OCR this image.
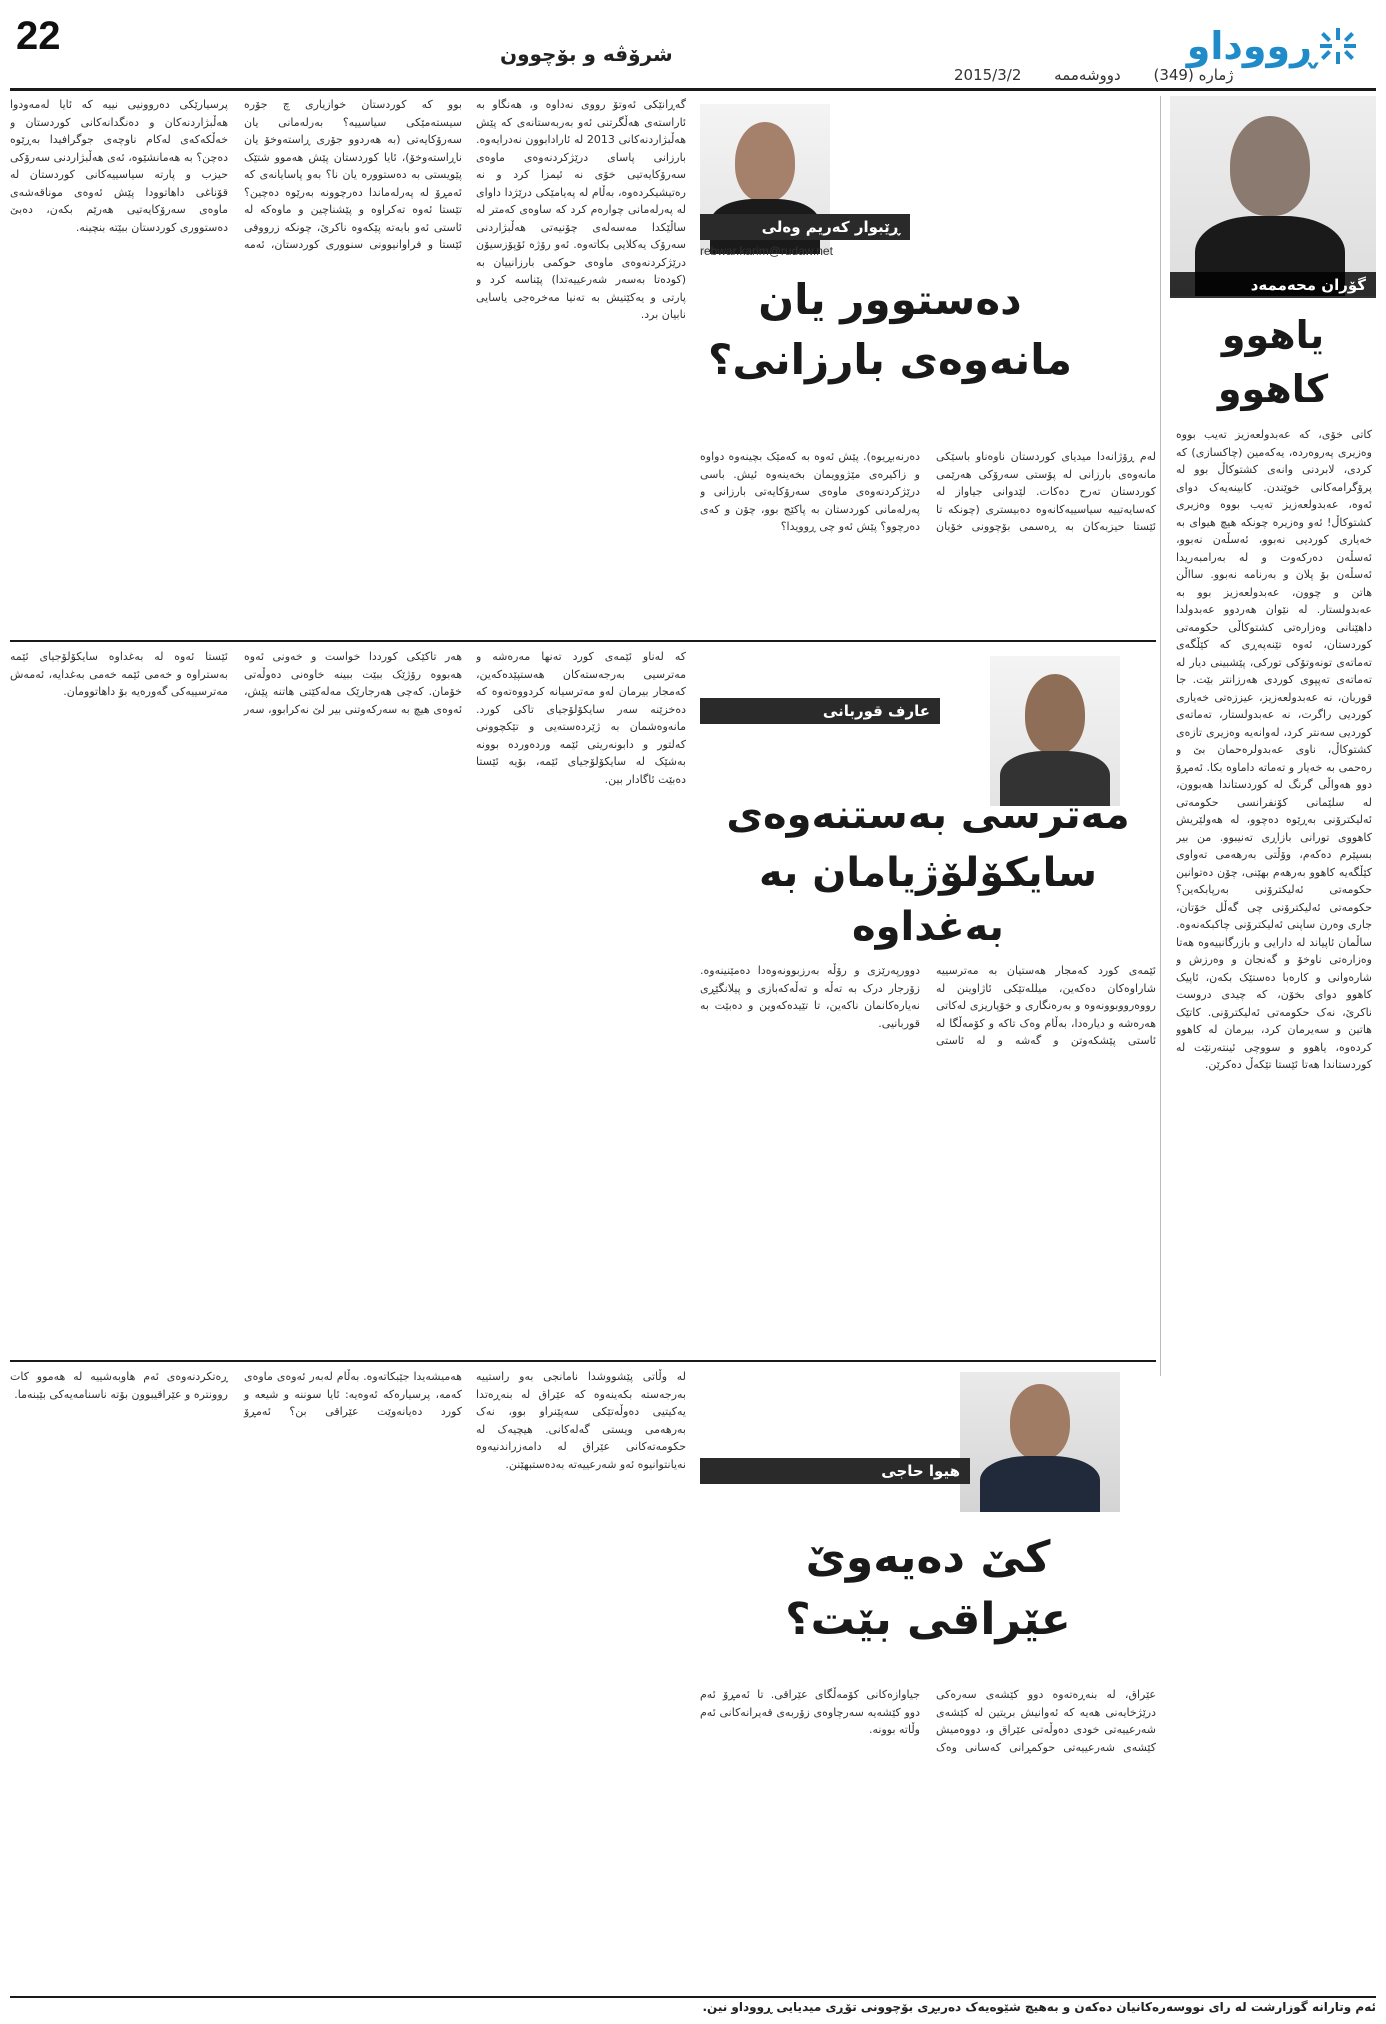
22	شرۆڤە و بۆچوون	ڕووداو
ژمارە (349) دووشەممە 2015/3/2
گۆران محەممەد
یاهوو
کاهوو
کاتی خۆی، کە عەبدولعەزیز تەیب بووە وەزیری پەروەردە، یەکەمین (چاکسازی) کە کردی، لابردنی وانەی کشتوکاڵ بوو لە پرۆگرامەکانی خوێندن. کابینەیەک دوای ئەوە، عەبدولعەزیز تەیب بووە وەزیری کشتوکاڵ! ئەو وەزیرە چونکە هیچ هیوای بە خەیاری کوردیی نەبوو، ئەسڵەن نەبوو، ئەسڵەن دەرکەوت و لە بەرامبەریدا ئەسڵەن بۆ پلان و بەرنامە نەبوو. سااڵن هاتن و چوون، عەبدولعەزیز بوو بە عەبدولستار. لە نێوان هەردوو عەبدولدا داهێنانی وەزارەتی کشتوکاڵی حکومەتی کوردستان، ئەوە تێنەپەڕی کە کێڵگەی تەماتەی تونەوتۆکی تورکی، پێشبینی دیار لە تەماتەی تەپپوی کوردی هەرزانتر بێت. جا قوربان، نە عەبدولعەزیز، عیززەتی خەیاری کوردیی راگرت، نە عەبدولستار، تەماتەی کوردیی سەنتر کرد، لەوانەیە وەزیری تازەی کشتوکاڵ، ناوی عەبدولرەحمان بێ و رەحمی بە خەیار و تەماتە داماوە بکا. ئەمڕۆ دوو هەواڵی گرنگ لە کوردستاندا هەبوون، لە سلێمانی کۆنفرانسی حکومەتی ئەلیکترۆنی بەڕێوە دەچوو، لە هەولێریش کاهووی تورانی بازاڕی تەنیبوو. من بیر بسپێرم دەکەم، وۆڵتی بەرهەمی تەواوی کێڵگەیە کاهوو بەرهەم بهێنی، چۆن دەتوانین حکومەتی ئەلیکترۆنی بەرپابکەین؟ حکومەتی ئەلیکترۆنی چی گەڵل خۆتان، جاری وەرن ساپنی ئەلیکترۆنی چاکبکەنەوە. ساڵمان ئاپیاند لە دارایی و بازرگانییەوە هەتا وەزارەتی ناوخۆ و گەنجان و وەرزش و شارەوانی و کارەبا دەستێک بکەن، ئاپیک کاهوو دوای بخۆن، کە چیدی دروست ناکرێ، نەک حکومەتی ئەلیکترۆنی. کاتێک هاتین و سەیرمان کرد، بیرمان لە کاهوو کردەوە، یاهوو و سووچی ئینتەرنێت لە کوردستاندا هەتا ئێستا تێکەڵ دەکرێن.
ڕێبوار کەریم وەلی
rebwar.karim@rudaw.net
دەستوور یان
مانەوەی بارزانی؟
لەم ڕۆژانەدا میدیای کوردستان ناوەناو باسێکی مانەوەی بارزانی لە پۆستی سەرۆکی هەرێمی کوردستان تەرح دەکات. لێدوانی جیاواز لە کەسایەتییە سیاسییەکانەوە دەبیستری (چونکە تا ئێستا حیزبەکان بە ڕەسمی بۆچوونی خۆیان دەرنەبڕیوە). پێش ئەوە بە کەمێک بچینەوە دواوە و زاکیرەی مێژوویمان بخەینەوە ئیش. باسی درێژکردنەوەی ماوەی سەرۆکایەتی بارزانی و پەرلەمانی کوردستان بە پاکێج بوو، چۆن و کەی دەرچوو؟ پێش ئەو چی ڕوویدا؟
گەڕانێکی ئەوتۆ رووی نەداوە و، هەنگاو بە ئاراستەی هەڵگرتنی ئەو بەربەستانەی کە پێش هەڵبژاردنەکانی 2013 لە ئارادابوون نەدرایەوە. بارزانی پاسای درێژکردنەوەی ماوەی سەرۆکایەتیی خۆی نە ئیمزا کرد و نە رەتیشیکردەوە، بەڵام لە پەیامێکی درێژدا داوای لە پەرلەمانی چوارەم کرد کە ساوەی کەمتر لە ساڵێکدا مەسەلەی چۆنیەتی هەڵبژاردنی سەرۆک یەکلایی بکاتەوە. ئەو رۆژە ئۆپۆزسیۆن درێژکردنەوەی ماوەی حوکمی بارزانییان بە (کودەتا بەسەر شەرعییەتدا) پێناسە کرد و پارتی و یەکێتیش بە تەنیا مەخرەجی یاسایی نابیان برد.
بوو کە کوردستان خوازیاری چ جۆرە سیستەمێکی سیاسییە؟ بەرلەمانی یان سەرۆکایەتی (بە هەردوو جۆری ڕاستەوخۆ یان ناڕاستەوخۆ)، ئایا کوردستان پێش هەموو شتێک پێویستی بە دەستوورە یان نا؟ بەو پاسایانەی کە ئەمڕۆ لە پەرلەماندا دەرچوونە بەرێوە دەچین؟ تێستا ئەوە تەکراوە و پێشناچین و ماوەکە لە ئاستی ئەو بابەتە پێکەوە ناکرێ، چونکە زرووفی ئێستا و فراوانیوونی سنووری کوردستان، ئەمە پرسیارێکی دەروونیی نییە کە ئایا لەمەودوا هەڵبژاردنەکان و دەنگدانەکانی کوردستان و خەڵکەکەی لەکام ناوچەی جوگرافیدا بەڕێوە دەچن؟ بە هەمانشێوە، ئەی هەڵبژاردنی سەرۆکی حیزب و پارتە سیاسییەکانی کوردستان لە قۆناغی داهاتوودا پێش ئەوەی موناقەشەی ماوەی سەرۆکایەتیی هەرێم بکەن، دەبێ دەستووری کوردستان ببێتە بنچینە.
عارف قوربانی
مەترسی بەستنەوەی
سایکۆلۆژیامان بە بەغداوە
ئێمەی کورد کەمجار هەستیان بە مەترسییە شاراوەکان دەکەین، میللەتێکی ئاژاوینن لە رووەرووبوونەوە و بەرەنگاری و خۆپاریزی لەکاتی هەرەشە و دیارەدا، بەڵام وەک تاکە و کۆمەڵگا لە ئاستی پێشکەوتن و گەشە و لە ئاستی دوورپەرێزی و رۆڵە بەرزبوونەوەدا دەمێنینەوە. زۆرجار درک بە تەڵە و تەڵەکەبازی و پیلانگێڕی نەیارەکانمان ناکەین، تا تێیدەکەوین و دەبێت بە قوربانیی.
کە لەناو ئێمەی کورد تەنها مەرەشە و مەترسیی بەرجەستەکان هەستپێدەکەین، کەمجار بیرمان لەو مەترسیانە کردووەتەوە کە دەخزێنە سەر سایکۆلۆجیای تاکی کورد. مانەوەشمان بە ژێردەستەیی و تێکچوونی کەلتور و دابونەریتی ئێمە وردەوردە بوونە بەشێک لە سایکۆلۆجیای ئێمە، بۆیە ئێستا دەبێت ئاگادار بین.
هەر تاکێکی کورددا خواست و خەونی ئەوە هەبووە رۆژێک ببێت ببینە خاوەنی دەوڵەتی خۆمان. کەچی هەرجارێک مەلەکێتی هاتنە پێش، ئەوەی هیچ بە سەرکەوتنی بیر لێ نەکرابوو، سەر ئێستا ئەوە لە بەغداوە سایکۆلۆجیای ئێمە بەستراوە و خەمی ئێمە خەمی بەغدایە، ئەمەش مەترسییەکی گەورەیە بۆ داهاتوومان.
هیوا حاجی
کێ دەیەوێ
عێراقی بێت؟
عێراق، لە بنەڕەتەوە دوو کێشەی سەرەکی درێژخایەنی هەیە کە ئەوانیش بریتین لە کێشەی شەرعییەتی خودی دەوڵەتی عێراق و، دووەمیش کێشەی شەرعییەتی حوکمڕانی کەسانی وەک جیاوازەکانی کۆمەڵگای عێراقی. تا ئەمڕۆ ئەم دوو کێشەیە سەرچاوەی زۆربەی قەیرانەکانی ئەم وڵاتە بوونە.
لە وڵاتی پێشووشدا نامانجی بەو راستییە بەرجەستە بکەینەوە کە عێراق لە بنەڕەتدا یەکیتیی دەوڵەتێکی سەپێنراو بوو، نەک بەرهەمی ویستی گەلەکانی. هیچیەک لە حکومەتەکانی عێراق لە دامەزراندنیەوە نەیانتوانیوە ئەو شەرعییەتە بەدەستبهێنن.
هەمیشەیدا جێبکاتەوە. بەڵام لەبەر ئەوەی ماوەی کەمە، پرسیارەکە ئەوەیە: ئایا سوننە و شیعە و کورد دەیانەوێت عێراقی بن؟ ئەمڕۆ ڕەتکردنەوەی ئەم هاوبەشییە لە هەموو کات روونترە و عێراقیبوون بۆتە ناسنامەیەکی بێبنەما.
ئەم وتارانە گوزارشت لە رای نووسەرەکانیان دەکەن و بەهیچ شێوەیەک دەربڕی بۆچوونی تۆڕی میدیایی ڕووداو نین.
